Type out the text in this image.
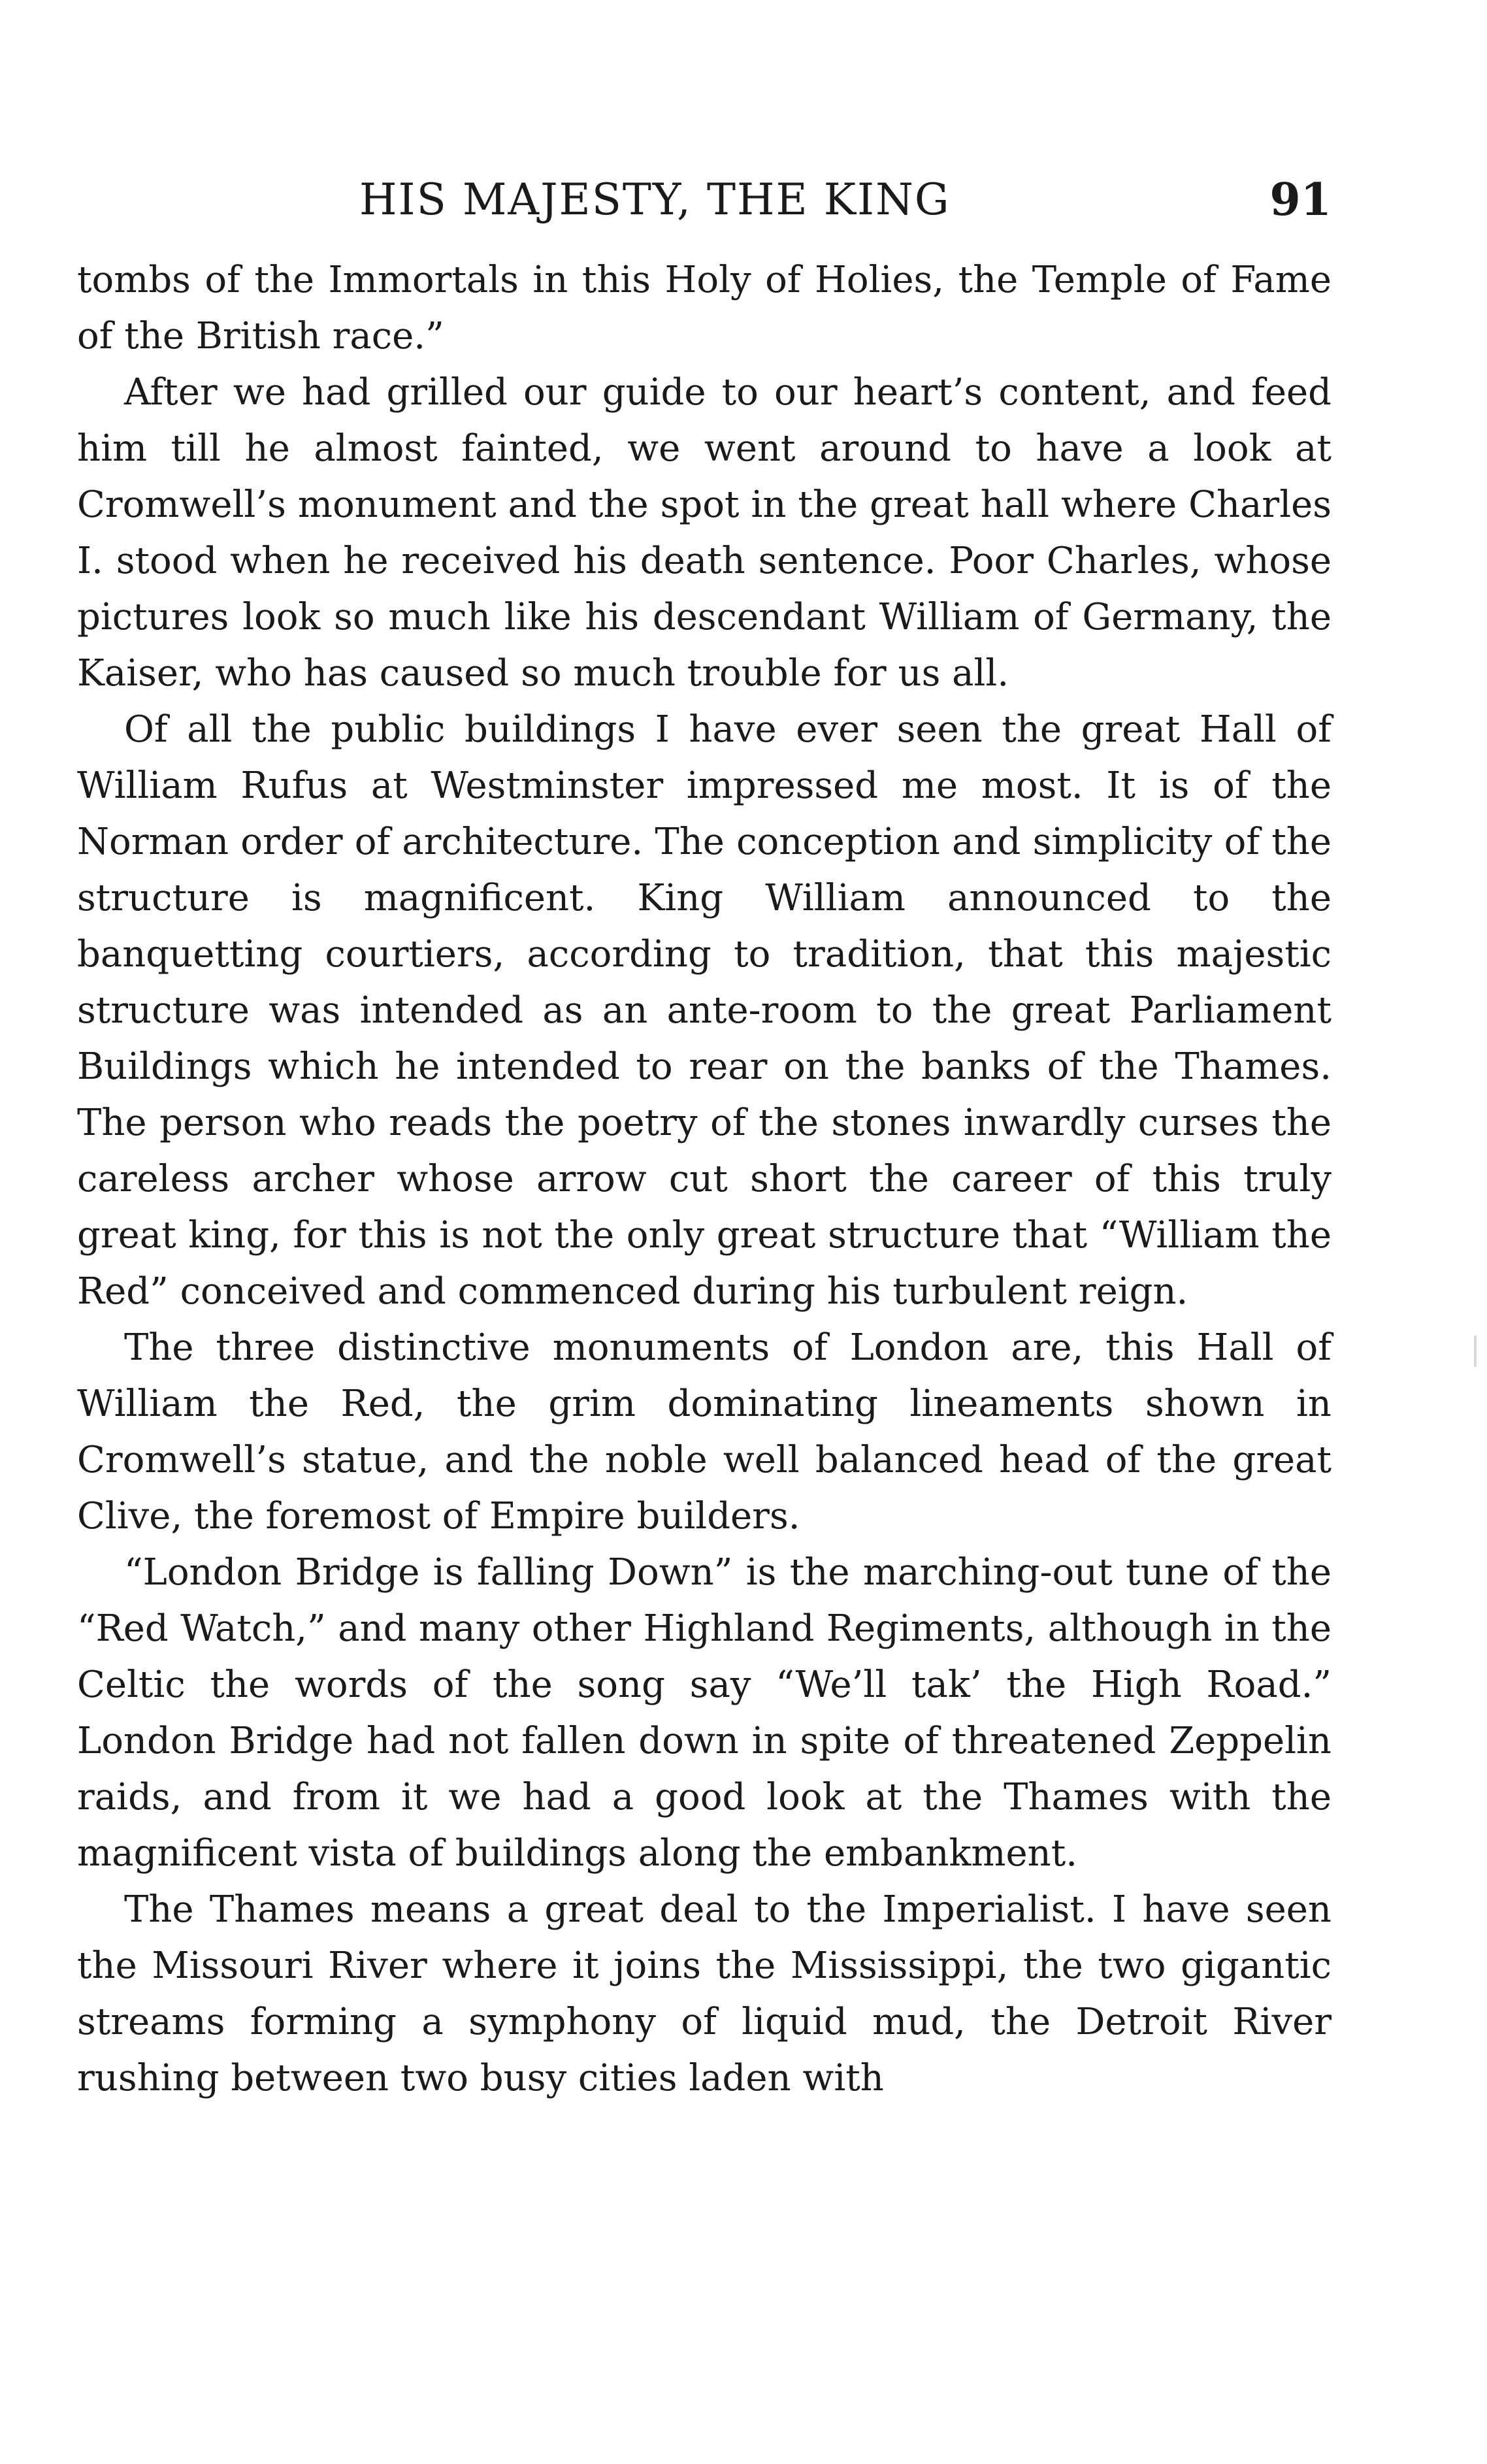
HIS MAJESTY, THE KING	91

tombs of the Immortals in this Holy of Holies, the Temple of Fame of the British race.”

After we had grilled our guide to our heart’s content, and feed him till he almost fainted, we went around to have a look at Cromwell’s monument and the spot in the great hall where Charles I. stood when he received his death sentence. Poor Charles, whose pictures look so much like his descendant William of Germany, the Kaiser, who has caused so much trouble for us all.

Of all the public buildings I have ever seen the great Hall of William Rufus at Westminster impressed me most. It is of the Norman order of architecture. The conception and simplicity of the structure is magnificent. King William announced to the banquetting courtiers, according to tradition, that this majestic structure was intended as an ante-room to the great Parliament Buildings which he intended to rear on the banks of the Thames. The person who reads the poetry of the stones inwardly curses the careless archer whose arrow cut short the career of this truly great king, for this is not the only great structure that “William the Red” conceived and commenced during his turbulent reign.

The three distinctive monuments of London are, this Hall of William the Red, the grim dominating lineaments shown in Cromwell’s statue, and the noble well balanced head of the great Clive, the foremost of Empire builders.

“London Bridge is falling Down” is the marching-out tune of the “Red Watch,” and many other Highland Regiments, although in the Celtic the words of the song say “We’ll tak’ the High Road.” London Bridge had not fallen down in spite of threatened Zeppelin raids, and from it we had a good look at the Thames with the magnificent vista of buildings along the embankment.

The Thames means a great deal to the Imperialist. I have seen the Missouri River where it joins the Mississippi, the two gigantic streams forming a symphony of liquid mud, the Detroit River rushing between two busy cities laden with
